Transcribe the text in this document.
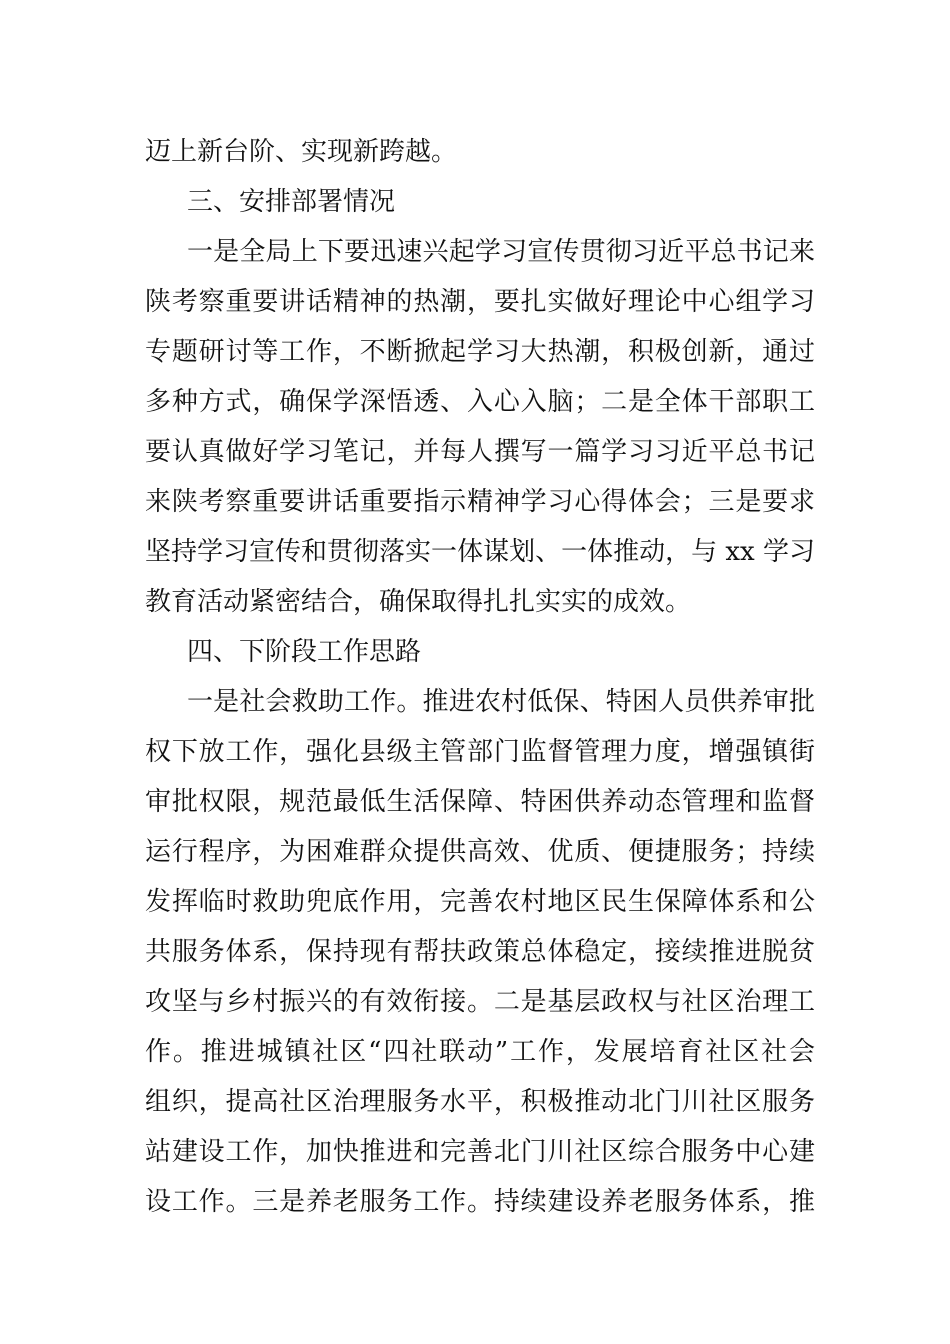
迈上新台阶、实现新跨越。
三、安排部署情况
一是全局上下要迅速兴起学习宣传贯彻习近平总书记来
陕考察重要讲话精神的热潮，要扎实做好理论中心组学习
专题研讨等工作，不断掀起学习大热潮，积极创新，通过
多种方式，确保学深悟透、入心入脑；二是全体干部职工
要认真做好学习笔记，并每人撰写一篇学习习近平总书记
来陕考察重要讲话重要指示精神学习心得体会；三是要求
坚持学习宣传和贯彻落实一体谋划、一体推动，与 xx 学习
教育活动紧密结合，确保取得扎扎实实的成效。
四、下阶段工作思路
一是社会救助工作。推进农村低保、特困人员供养审批
权下放工作，强化县级主管部门监督管理力度，增强镇街
审批权限，规范最低生活保障、特困供养动态管理和监督
运行程序，为困难群众提供高效、优质、便捷服务；持续
发挥临时救助兜底作用，完善农村地区民生保障体系和公
共服务体系，保持现有帮扶政策总体稳定，接续推进脱贫
攻坚与乡村振兴的有效衔接。二是基层政权与社区治理工
作。推进城镇社区“四社联动”工作，发展培育社区社会
组织，提高社区治理服务水平，积极推动北门川社区服务
站建设工作，加快推进和完善北门川社区综合服务中心建
设工作。三是养老服务工作。持续建设养老服务体系，推
